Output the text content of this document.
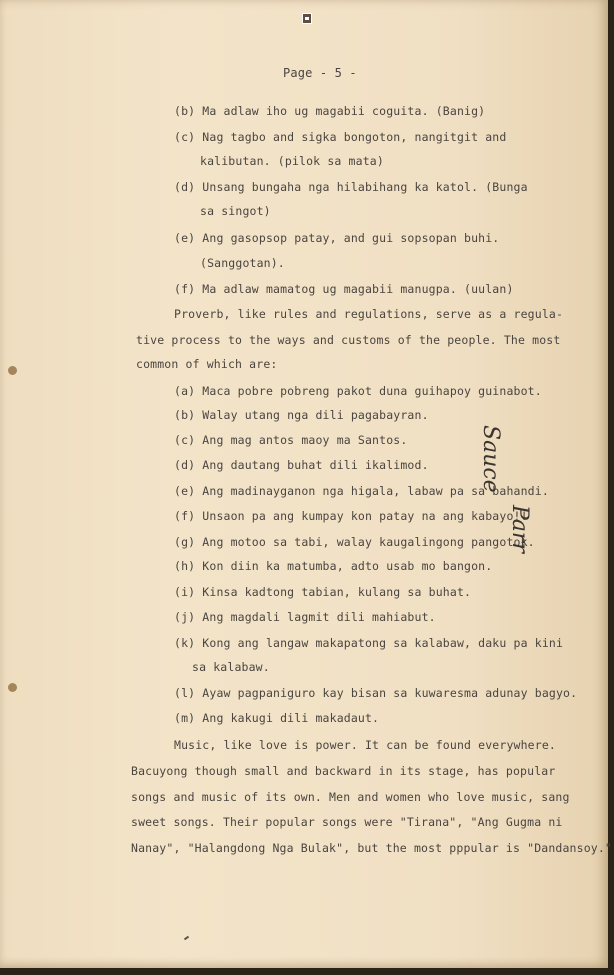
Page - 5 -
(b) Ma adlaw iho ug magabii coguita. (Banig)
(c) Nag tagbo and sigka bongoton, nangitgit and
kalibutan. (pilok sa mata)
(d) Unsang bungaha nga hilabihang ka katol. (Bunga
sa singot)
(e) Ang gasopsop patay, and gui sopsopan buhi.
(Sanggotan).
(f) Ma adlaw mamatog ug magabii manugpa. (uulan)
Proverb, like rules and regulations, serve as a regula-
tive process to the ways and customs of the people. The most
common of which are:
(a) Maca pobre pobreng pakot duna guihapoy guinabot.
(b) Walay utang nga dili pagabayran.
(c) Ang mag antos maoy ma Santos.
(d) Ang dautang buhat dili ikalimod.
(e) Ang madinayganon nga higala, labaw pa sa bahandi.
(f) Unsaon pa ang kumpay kon patay na ang kabayo!!
(g) Ang motoo sa tabi, walay kaugalingong pangotok.
(h) Kon diin ka matumba, adto usab mo bangon.
(i) Kinsa kadtong tabian, kulang sa buhat.
(j) Ang magdali lagmit dili mahiabut.
(k) Kong ang langaw makapatong sa kalabaw, daku pa kini
sa kalabaw.
(l) Ayaw pagpaniguro kay bisan sa kuwaresma adunay bagyo.
(m) Ang kakugi dili makadaut.
Music, like love is power. It can be found everywhere.
Bacuyong though small and backward in its stage, has popular
songs and music of its own. Men and women who love music, sang
sweet songs. Their popular songs were "Tirana", "Ang Gugma ni
Nanay", "Halangdong Nga Bulak", but the most pppular is "Dandansoy."
Sauce
Parr
